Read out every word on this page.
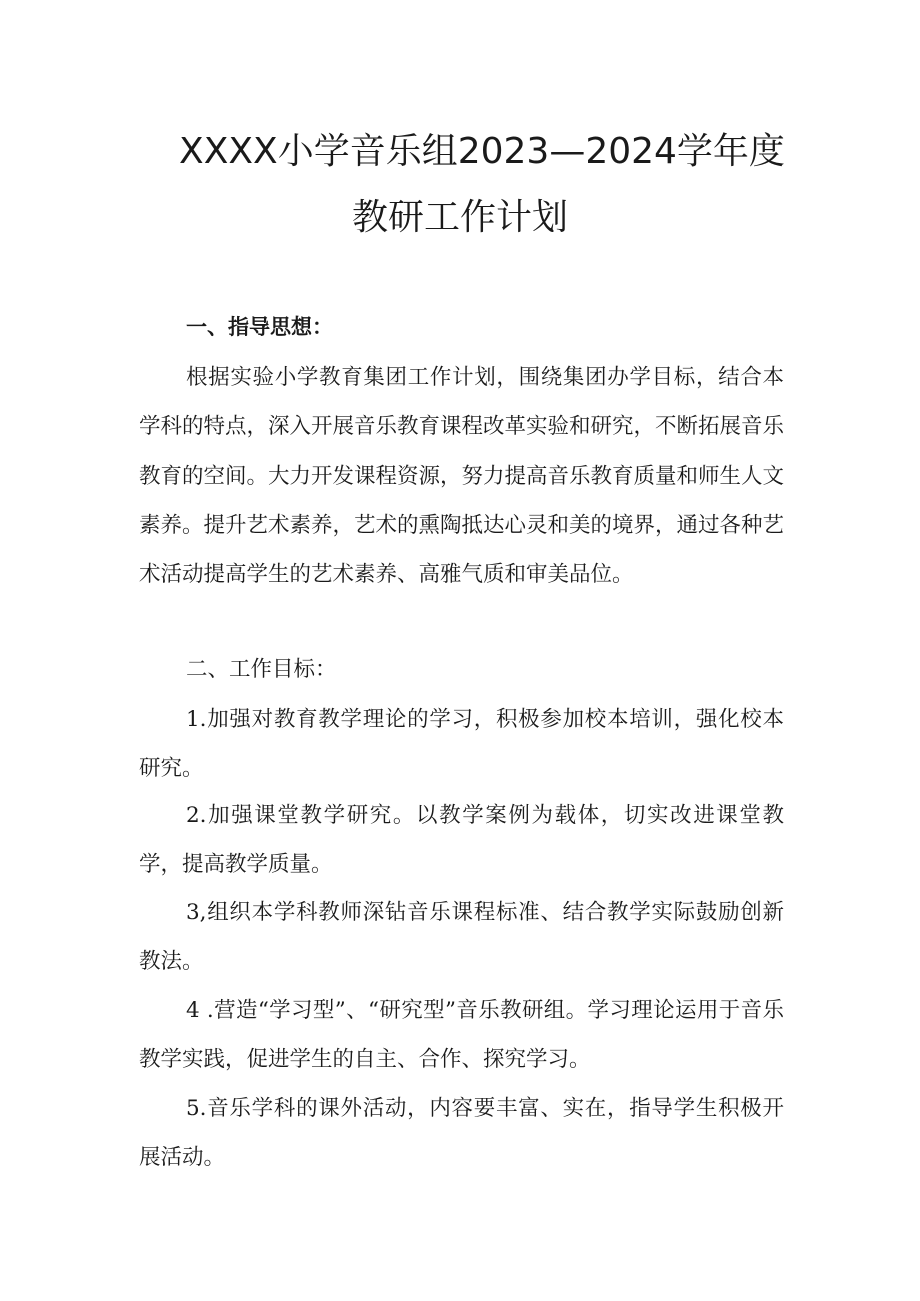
XXXX小学音乐组2023—2024学年度
教研工作计划
一、指导思想：

根据实验小学教育集团工作计划，围绕集团办学目标，结合本学科的特点，深入开展音乐教育课程改革实验和研究，不断拓展音乐教育的空间。大力开发课程资源，努力提高音乐教育质量和师生人文素养。提升艺术素养，艺术的熏陶抵达心灵和美的境界，通过各种艺术活动提高学生的艺术素养、高雅气质和审美品位。

二、工作目标：

1.加强对教育教学理论的学习，积极参加校本培训，强化校本研究。

2.加强课堂教学研究。以教学案例为载体，切实改进课堂教学，提高教学质量。

3,组织本学科教师深钻音乐课程标准、结合教学实际鼓励创新教法。

4 .营造“学习型”、“研究型”音乐教研组。学习理论运用于音乐教学实践，促进学生的自主、合作、探究学习。

5.音乐学科的课外活动，内容要丰富、实在，指导学生积极开展活动。
